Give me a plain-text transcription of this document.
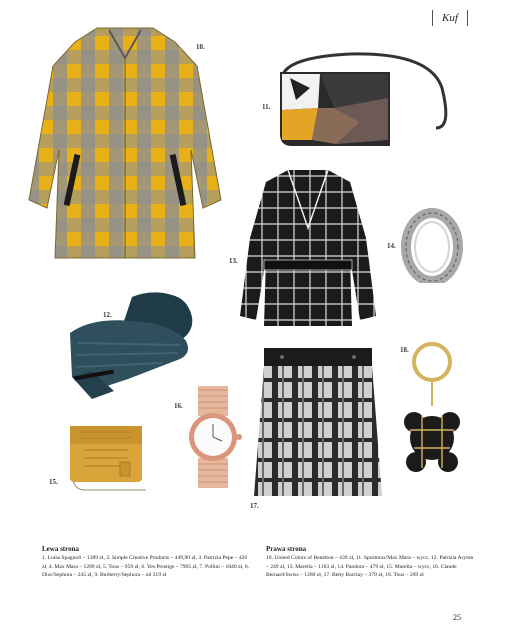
Kuf
10.
11.
13.
14.
12.
15.
16.
17.
18.
Lewa strona

1. Luisa Spagnoli – 1389 zł, 2. Simple Creative Products – 449,90 zł, 3. Patrizia Pepe – 420 zł, 4. Max Mara – 1289 zł, 5. Tous – 959 zł, 6. Yes Prestige – 7995 zł, 7. Pollini – 1840 zł, 8. Dior/Sephora – 245 zł, 9. Burberry/Sephora – od 319 zł

Prawa strona

10. United Colors of Benetton – 439 zł, 11. Sportmax/Max Mara – wycc, 12. Patrizia Aryton – 249 zł, 13. Marella – 1183 zł, 14. Pandora – 479 zł, 15. Marella – wycc, 16. Claude Bernard/Swiss – 1280 zł, 17. Betty Barclay – 379 zł, 18. Tous – 269 zł

25
